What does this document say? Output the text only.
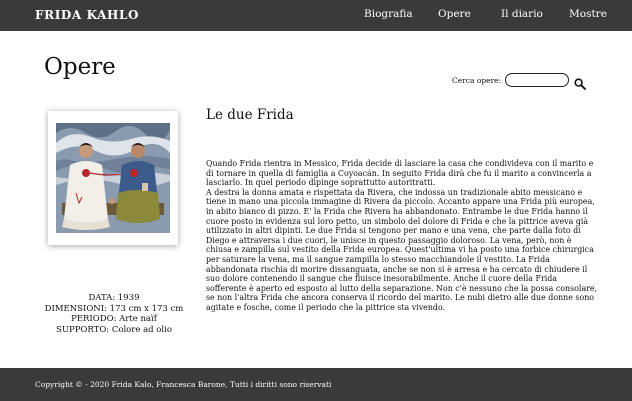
FRIDA KAHLO	Biografia Opere	Il diario Mostre
Opere
Cerca opere:
DATA: 1939
DIMENSIONI: 173 cm x 173 cm
PERIODO: Arte naïf
SUPPORTO: Colore ad olio
Le due Frida

Quando Frida rientra in Messico, Frida decide di lasciare la casa che condivideva con il marito e di tornare in quella di famiglia a Coyoacán. In seguito Frida dirà che fu il marito a convincerla a lasciarlo. In quel periodo dipinge soprattutto autoritratti.

A destra la donna amata e rispettata da Rivera, che indossa un tradizionale abito messicano e tiene in mano una piccola immagine di Rivera da piccolo. Accanto appare una Frida più europea, in abito bianco di pizzo. E' la Frida che Rivera ha abbandonato. Entrambe le due Frida hanno il cuore posto in evidenza sul loro petto, un simbolo del dolore di Frida e che la pittrice aveva già utilizzato in altri dipinti. Le due Frida si tengono per mano e una vena, che parte dalla foto di Diego e attraversa i due cuori, le unisce in questo passaggio doloroso. La vena, però, non è chiusa e zampilla sul vestito della Frida europea. Quest'ultima vi ha posto una forbice chirurgica per saturare la vena, ma il sangue zampilla lo stesso macchiandole il vestito. La Frida abbandonata rischia di morire dissanguata, anche se non si è arresa e ha cercato di chiudere il suo dolore contenendo il sangue che fluisce inesorabilmente. Anche il cuore della Frida sofferente è aperto ed esposto al lutto della separazione. Non c'è nessuno che la possa consolare, se non l'altra Frida che ancora conserva il ricordo del marito. Le nubi dietro alle due donne sono agitate e fosche, come il periodo che la pittrice sta vivendo.

Copyright © - 2020 Frida Kalo, Francesca Barone, Tutti i diritti sono riservati
